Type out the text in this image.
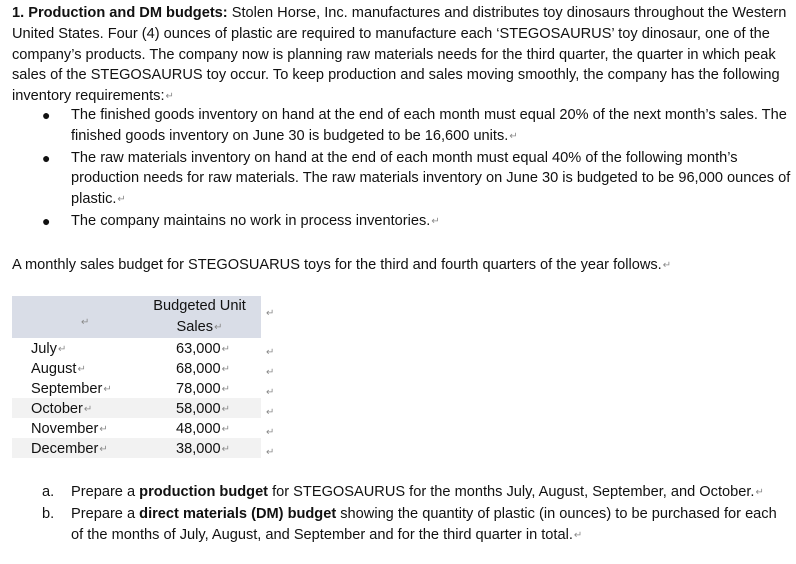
1. Production and DM budgets: Stolen Horse, Inc. manufactures and distributes toy dinosaurs throughout the Western United States. Four (4) ounces of plastic are required to manufacture each ‘STEGOSAURUS’ toy dinosaur, one of the company’s products. The company now is planning raw materials needs for the third quarter, the quarter in which peak sales of the STEGOSAURUS toy occur. To keep production and sales moving smoothly, the company has the following inventory requirements:↵
● The finished goods inventory on hand at the end of each month must equal 20% of the next month’s sales. The finished goods inventory on June 30 is budgeted to be 16,600 units.↵
● The raw materials inventory on hand at the end of each month must equal 40% of the following month’s production needs for raw materials. The raw materials inventory on June 30 is budgeted to be 96,000 ounces of plastic.↵
● The company maintains no work in process inventories.↵
A monthly sales budget for STEGOSUARUS toys for the third and fourth quarters of the year follows.↵
↵
Budgeted Unit
Sales↵
↵
July↵	63,000↵	↵
August↵	68,000↵	↵
September↵	78,000↵	↵
October↵	58,000↵	↵
November↵	48,000↵	↵
December↵	38,000↵	↵
a. Prepare a production budget for STEGOSAURUS for the months July, August, September, and October.↵
b. Prepare a direct materials (DM) budget showing the quantity of plastic (in ounces) to be purchased for each of the months of July, August, and September and for the third quarter in total.↵
